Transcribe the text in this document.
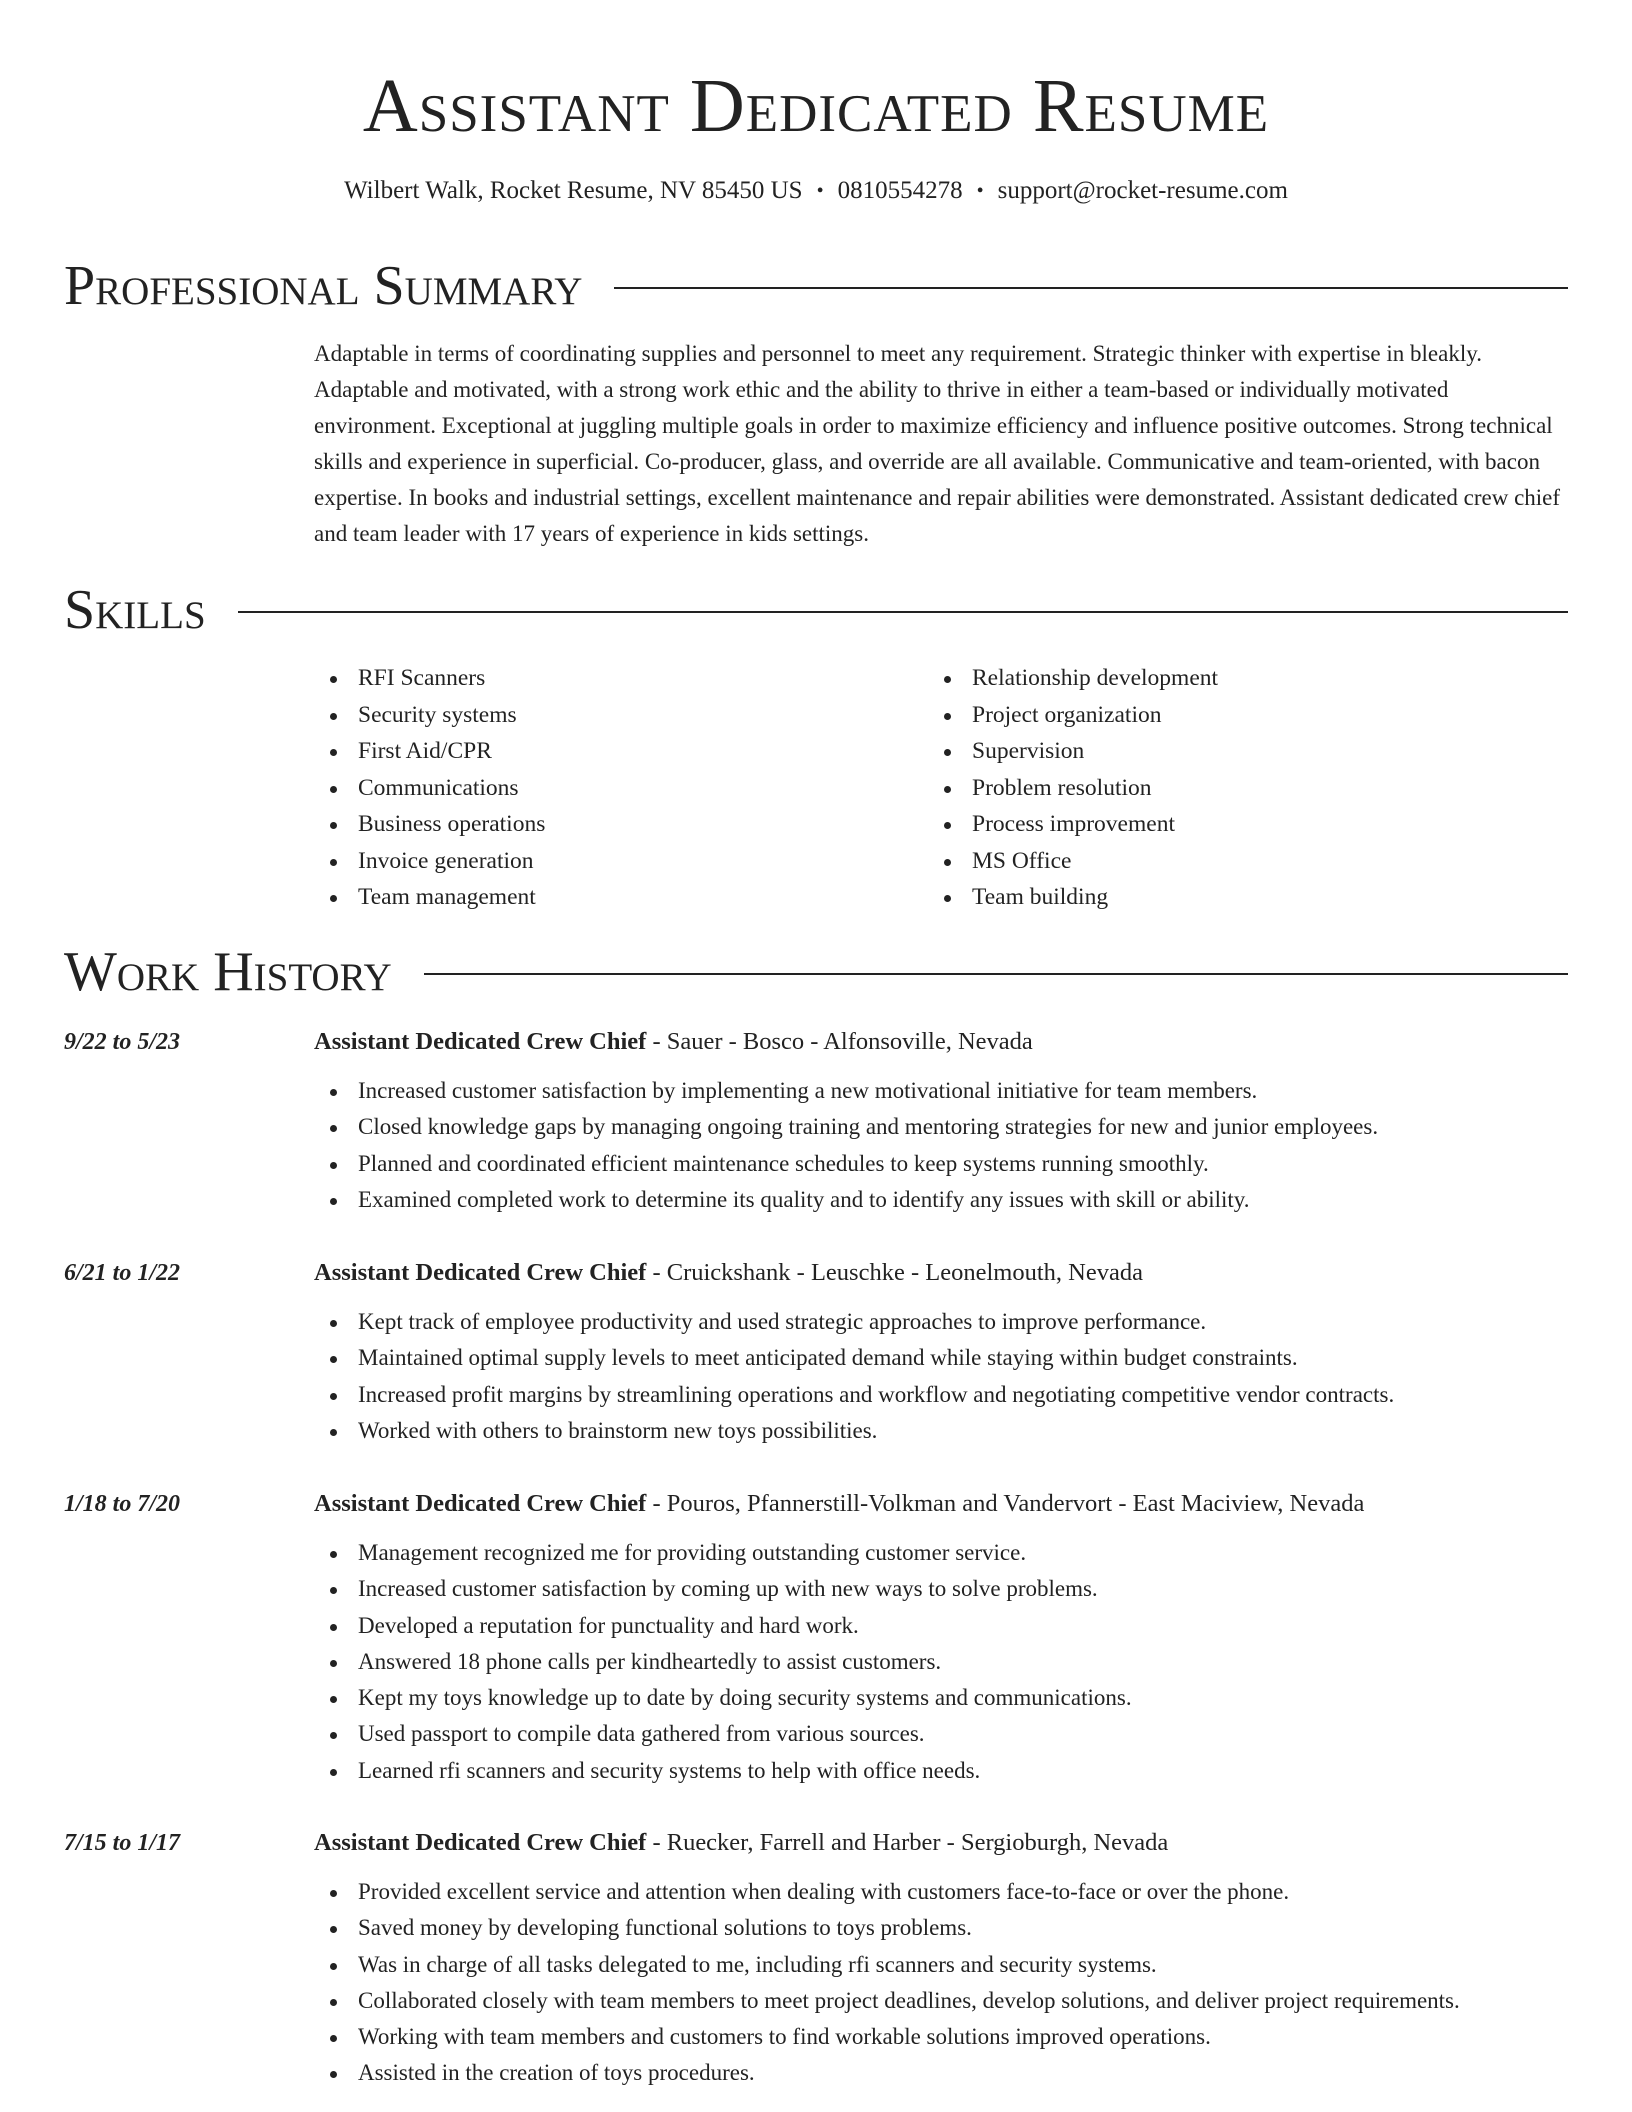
Assistant Dedicated Resume
Wilbert Walk, Rocket Resume, NV 85450 US • 0810554278 • support@rocket-resume.com
Professional Summary
Adaptable in terms of coordinating supplies and personnel to meet any requirement. Strategic thinker with expertise in bleakly. Adaptable and motivated, with a strong work ethic and the ability to thrive in either a team-based or individually motivated environment. Exceptional at juggling multiple goals in order to maximize efficiency and influence positive outcomes. Strong technical skills and experience in superficial. Co-producer, glass, and override are all available. Communicative and team-oriented, with bacon expertise. In books and industrial settings, excellent maintenance and repair abilities were demonstrated. Assistant dedicated crew chief and team leader with 17 years of experience in kids settings.
Skills
RFI Scanners
Security systems
First Aid/CPR
Communications
Business operations
Invoice generation
Team management
Relationship development
Project organization
Supervision
Problem resolution
Process improvement
MS Office
Team building
Work History
9/22 to 5/23	Assistant Dedicated Crew Chief - Sauer - Bosco - Alfonsoville, Nevada
Increased customer satisfaction by implementing a new motivational initiative for team members.
Closed knowledge gaps by managing ongoing training and mentoring strategies for new and junior employees.
Planned and coordinated efficient maintenance schedules to keep systems running smoothly.
Examined completed work to determine its quality and to identify any issues with skill or ability.
6/21 to 1/22	Assistant Dedicated Crew Chief - Cruickshank - Leuschke - Leonelmouth, Nevada
Kept track of employee productivity and used strategic approaches to improve performance.
Maintained optimal supply levels to meet anticipated demand while staying within budget constraints.
Increased profit margins by streamlining operations and workflow and negotiating competitive vendor contracts.
Worked with others to brainstorm new toys possibilities.
1/18 to 7/20	Assistant Dedicated Crew Chief - Pouros, Pfannerstill-Volkman and Vandervort - East Maciview, Nevada
Management recognized me for providing outstanding customer service.
Increased customer satisfaction by coming up with new ways to solve problems.
Developed a reputation for punctuality and hard work.
Answered 18 phone calls per kindheartedly to assist customers.
Kept my toys knowledge up to date by doing security systems and communications.
Used passport to compile data gathered from various sources.
Learned rfi scanners and security systems to help with office needs.
7/15 to 1/17	Assistant Dedicated Crew Chief - Ruecker, Farrell and Harber - Sergioburgh, Nevada
Provided excellent service and attention when dealing with customers face-to-face or over the phone.
Saved money by developing functional solutions to toys problems.
Was in charge of all tasks delegated to me, including rfi scanners and security systems.
Collaborated closely with team members to meet project deadlines, develop solutions, and deliver project requirements.
Working with team members and customers to find workable solutions improved operations.
Assisted in the creation of toys procedures.
